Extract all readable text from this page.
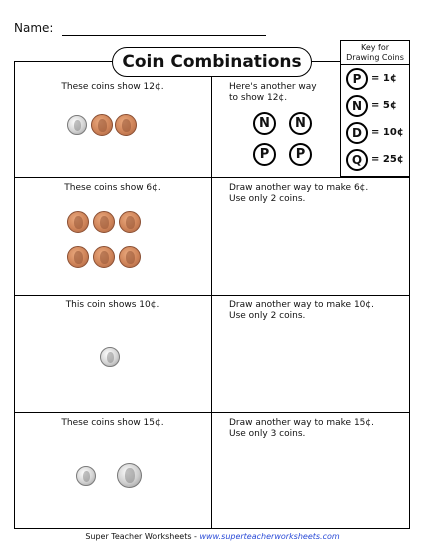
Name:
Coin Combinations
Key for
Drawing Coins
P = 1¢
N = 5¢
D = 10¢
Q = 25¢
These coins show 12¢.	Here's another way
to show 12¢.
N	N
P	P
These coins show 6¢.	Draw another way to make 6¢.
Use only 2 coins.
This coin shows 10¢.	Draw another way to make 10¢.
Use only 2 coins.
These coins show 15¢.	Draw another way to make 15¢.
Use only 3 coins.
Super Teacher Worksheets - www.superteacherworksheets.com
